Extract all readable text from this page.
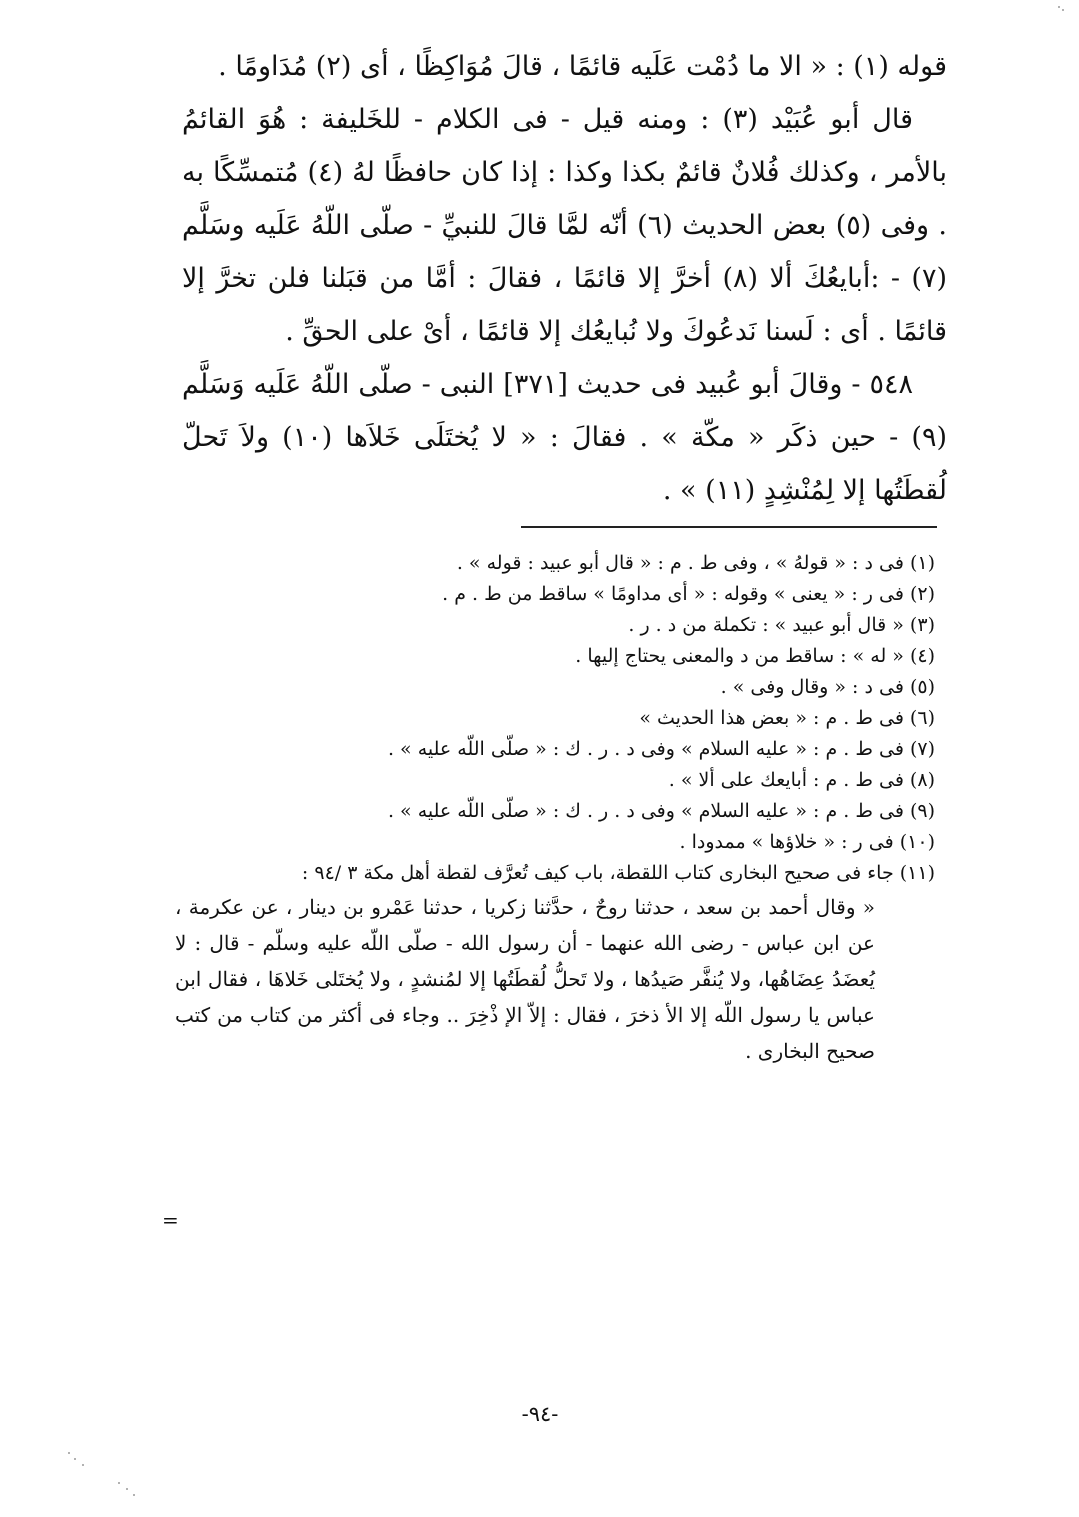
قوله (١) : « الا ما دُمْت عَلَيه قائمًا ، قالَ مُوَاكِظًا ، أى (٢) مُدَاومًا .

قال أبو عُبَيْد (٣) : ومنه قيل - فى الكلام - للخَليفة : هُوَ القائمُ بالأمر ، وكذلك فُلانٌ قائمٌ بكذا وكذا : إذا كان حافظًا لهُ (٤) مُتمسِّكًا به . وفى (٥) بعض الحديث (٦) أنّه لمَّا قالَ للنبيِّ - صلّى اللّهُ عَلَيه وسَلَّم (٧) - :أبايعُكَ ألا (٨) أخرَّ إلا قائمًا ، فقالَ : أمَّا من قبَلنا فلن تخرَّ إلا قائمًا . أى : لَسنا نَدعُوكَ ولا نُبايعُك إلا قائمًا ، أىْ على الحقِّ .

٥٤٨ - وقالَ أبو عُبيد فى حديث [٣٧١] النبى - صلّى اللّهُ عَلَيه وَسَلَّم (٩) - حين ذكَر « مكّة » . فقالَ : « لا يُختَلَى خَلاَها (١٠) ولاَ تَحلّ لُقطَتُها إلا لِمُنْشِدٍ (١١) » .

(١) فى د : « قولهُ » ، وفى ط . م : « قال أبو عبيد : قوله » .

(٢) فى ر : « يعنى » وقوله : « أى مداومًا » ساقط من ط . م .

(٣) « قال أبو عبيد » : تكملة من د . ر .

(٤) « له » : ساقط من د والمعنى يحتاج إليها .

(٥) فى د : « وقال وفى » .

(٦) فى ط . م : « بعض هذا الحديث »

(٧) فى ط . م : « عليه السلام » وفى د . ر . ك : « صلّى اللّه عليه » .

(٨) فى ط . م : أبايعك على ألا » .

(٩) فى ط . م : « عليه السلام » وفى د . ر . ك : « صلّى اللّه عليه » .

(١٠) فى ر : « خلاؤها » ممدودا .

(١١) جاء فى صحيح البخارى كتاب اللقطة، باب كيف تُعرَّف لقطة أهل مكة ٣ /٩٤ :

« وقال أحمد بن سعد ، حدثنا روحٌ ، حدَّثنا زكريا ، حدثنا عَمْرو بن دينار ، عن عكرمة ، عن ابن عباس - رضى الله عنهما - أن رسول الله - صلّى اللّه عليه وسلّم - قال : لا يُعضَدُ عِضَاهُها، ولا يُنفَّر صَيدُها ، ولا تَحلُّ لُقطَتُها إلا لمُنشدٍ ، ولا يُختَلى خَلاهَا ، فقال ابن عباس يا رسول اللّه إلا الأ ذخرَ ، فقال : إلاّ الإ ذْخِرَ .. وجاء فى أكثر من كتاب من كتب صحيح البخارى .

=
-٩٤-
